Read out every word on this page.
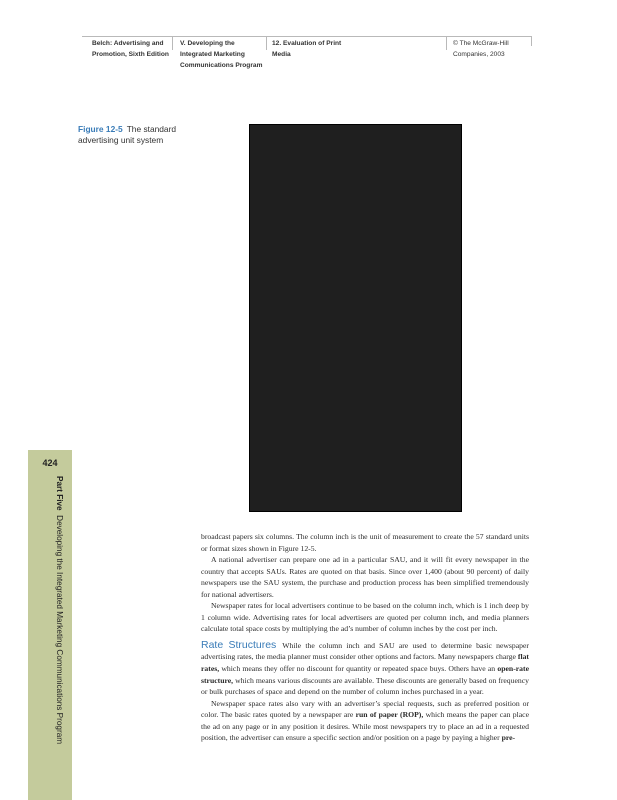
Belch: Advertising and
Promotion, Sixth Edition
V. Developing the
Integrated Marketing
Communications Program
12. Evaluation of Print
Media
© The McGraw-Hill
Companies, 2003
Figure 12-5 The standard advertising unit system
424
Part Five  Developing the Integrated Marketing Communications Program	broadcast papers six columns. The column inch is the unit of measurement to create the 57 standard units or format sizes shown in Figure 12-5.

A national advertiser can prepare one ad in a particular SAU, and it will fit every newspaper in the country that accepts SAUs. Rates are quoted on that basis. Since over 1,400 (about 90 percent) of daily newspapers use the SAU system, the purchase and production process has been simplified tremendously for national advertisers.

Newspaper rates for local advertisers continue to be based on the column inch, which is 1 inch deep by 1 column wide. Advertising rates for local advertisers are quoted per column inch, and media planners calculate total space costs by multiplying the ad’s number of column inches by the cost per inch.

Rate Structures While the column inch and SAU are used to determine basic newspaper advertising rates, the media planner must consider other options and factors. Many newspapers charge flat rates, which means they offer no discount for quantity or repeated space buys. Others have an open-rate structure, which means various discounts are available. These discounts are generally based on frequency or bulk purchases of space and depend on the number of column inches purchased in a year.

Newspaper space rates also vary with an advertiser’s special requests, such as preferred position or color. The basic rates quoted by a newspaper are run of paper (ROP), which means the paper can place the ad on any page or in any position it desires. While most newspapers try to place an ad in a requested position, the advertiser can ensure a specific section and/or position on a page by paying a higher pre-
